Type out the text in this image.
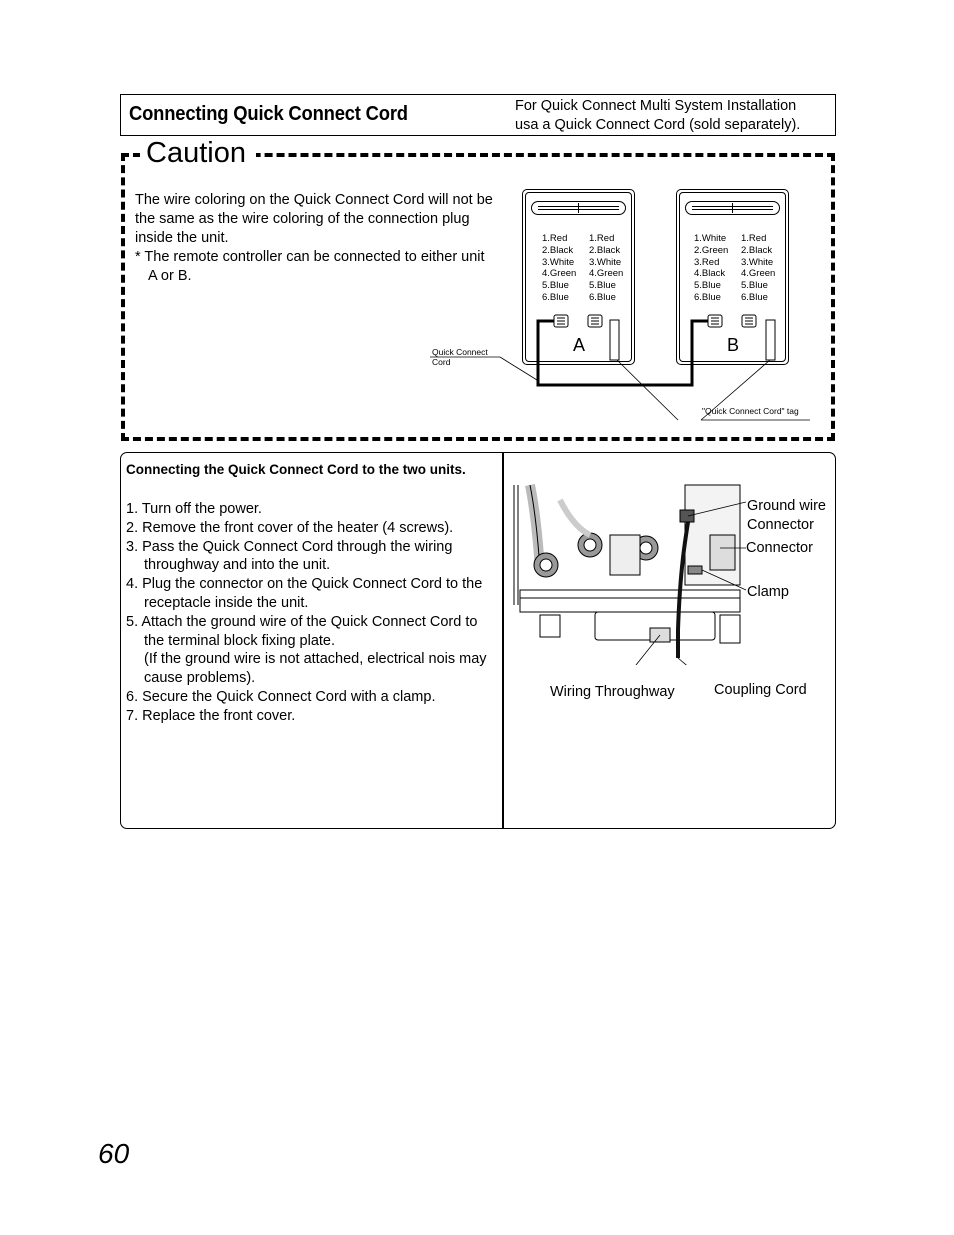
Connecting Quick Connect Cord	For Quick Connect Multi System Installation
usa a Quick Connect Cord (sold separately).
Caution
The wire coloring on the Quick Connect Cord will not be the same as the wire coloring of the connection plug inside the unit.
* The remote controller can be connected to either unit A or B.
1.Red
2.Black
3.White
4.Green
5.Blue
6.Blue
1.Red
2.Black
3.White
4.Green
5.Blue
6.Blue
A
1.White
2.Green
3.Red
4.Black
5.Blue
6.Blue
1.Red
2.Black
3.White
4.Green
5.Blue
6.Blue
B
Quick Connect
Cord
"Quick Connect Cord" tag
Connecting the Quick Connect Cord to the two units.
1. Turn off the power.
2. Remove the front cover of the heater (4 screws).
3. Pass the Quick Connect Cord through the wiring throughway and into the unit.
4. Plug the connector on the Quick Connect Cord to the receptacle inside the unit.
5. Attach the ground wire of the Quick Connect Cord to the terminal block fixing plate.
(If the ground wire is not attached, electrical nois may cause problems).
6. Secure the Quick Connect Cord with a clamp.
7. Replace the front cover.
Ground wire Connector
Connector
Clamp
Wiring Throughway	Coupling Cord
60
